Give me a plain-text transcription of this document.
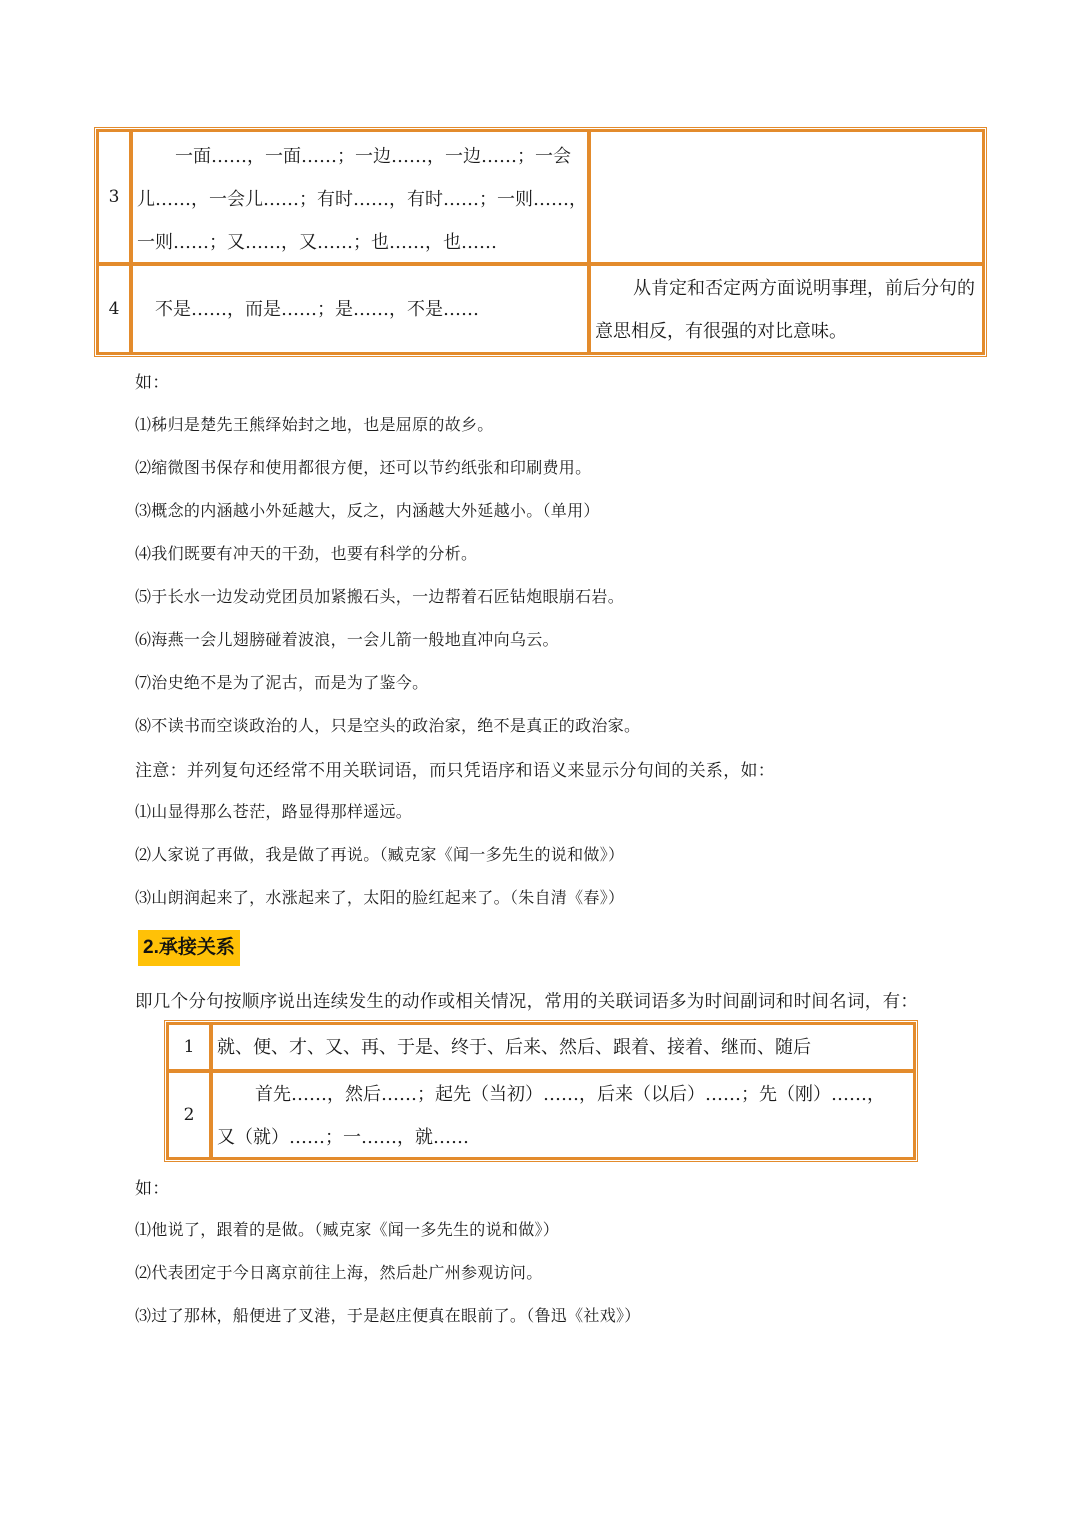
3
一面……，一面……；一边……，一边……；一会
儿……，一会儿……；有时……，有时……；一则……，
一则……；又……，又……；也……，也……
4 不是……，而是……；是……，不是……
从肯定和否定两方面说明事理，前后分句的
意思相反，有很强的对比意味。
如：
⑴秭归是楚先王熊绎始封之地，也是屈原的故乡。
⑵缩微图书保存和使用都很方便，还可以节约纸张和印刷费用。
⑶概念的内涵越小外延越大，反之，内涵越大外延越小。（单用）
⑷我们既要有冲天的干劲，也要有科学的分析。
⑸于长水一边发动党团员加紧搬石头，一边帮着石匠钻炮眼崩石岩。
⑹海燕一会儿翅膀碰着波浪，一会儿箭一般地直冲向乌云。
⑺治史绝不是为了泥古，而是为了鉴今。
⑻不读书而空谈政治的人，只是空头的政治家，绝不是真正的政治家。
注意：并列复句还经常不用关联词语，而只凭语序和语义来显示分句间的关系，如：
⑴山显得那么苍茫，路显得那样遥远。
⑵人家说了再做，我是做了再说。（臧克家《闻一多先生的说和做》）
⑶山朗润起来了，水涨起来了，太阳的脸红起来了。（朱自清《春》）
2.承接关系
即几个分句按顺序说出连续发生的动作或相关情况，常用的关联词语多为时间副词和时间名词，有：
1 就、便、才、又、再、于是、终于、后来、然后、跟着、接着、继而、随后
2
首先……，然后……；起先（当初）……，后来（以后）……；先（刚）……，
又（就）……；一……，就……
如：
⑴他说了，跟着的是做。（臧克家《闻一多先生的说和做》）
⑵代表团定于今日离京前往上海，然后赴广州参观访问。
⑶过了那林，船便进了叉港，于是赵庄便真在眼前了。（鲁迅《社戏》）
